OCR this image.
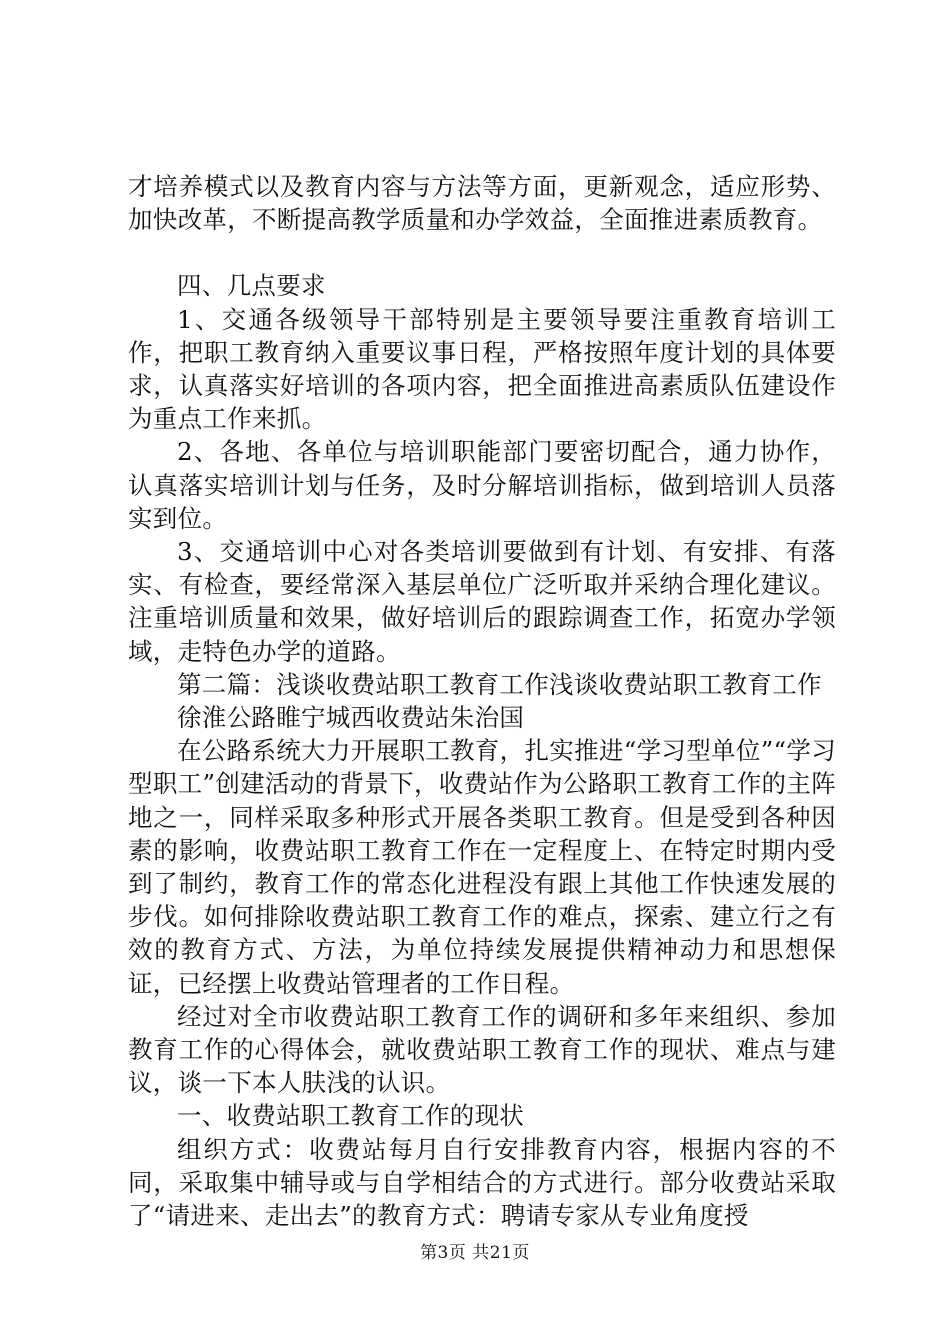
才培养模式以及教育内容与方法等方面，更新观念，适应形势、加快改革，不断提高教学质量和办学效益，全面推进素质教育。

四、几点要求

1、交通各级领导干部特别是主要领导要注重教育培训工作，把职工教育纳入重要议事日程，严格按照年度计划的具体要求，认真落实好培训的各项内容，把全面推进高素质队伍建设作为重点工作来抓。

2、各地、各单位与培训职能部门要密切配合，通力协作，认真落实培训计划与任务，及时分解培训指标，做到培训人员落实到位。

3、交通培训中心对各类培训要做到有计划、有安排、有落实、有检查，要经常深入基层单位广泛听取并采纳合理化建议。注重培训质量和效果，做好培训后的跟踪调查工作，拓宽办学领域，走特色办学的道路。

第二篇：浅谈收费站职工教育工作浅谈收费站职工教育工作

徐淮公路睢宁城西收费站朱治国

在公路系统大力开展职工教育，扎实推进“学习型单位”“学习型职工”创建活动的背景下，收费站作为公路职工教育工作的主阵地之一，同样采取多种形式开展各类职工教育。但是受到各种因素的影响，收费站职工教育工作在一定程度上、在特定时期内受到了制约，教育工作的常态化进程没有跟上其他工作快速发展的步伐。如何排除收费站职工教育工作的难点，探索、建立行之有效的教育方式、方法，为单位持续发展提供精神动力和思想保证，已经摆上收费站管理者的工作日程。

经过对全市收费站职工教育工作的调研和多年来组织、参加教育工作的心得体会，就收费站职工教育工作的现状、难点与建议，谈一下本人肤浅的认识。

一、收费站职工教育工作的现状

组织方式：收费站每月自行安排教育内容，根据内容的不同，采取集中辅导或与自学相结合的方式进行。部分收费站采取了“请进来、走出去”的教育方式：聘请专家从专业角度授

第3页 共21页
